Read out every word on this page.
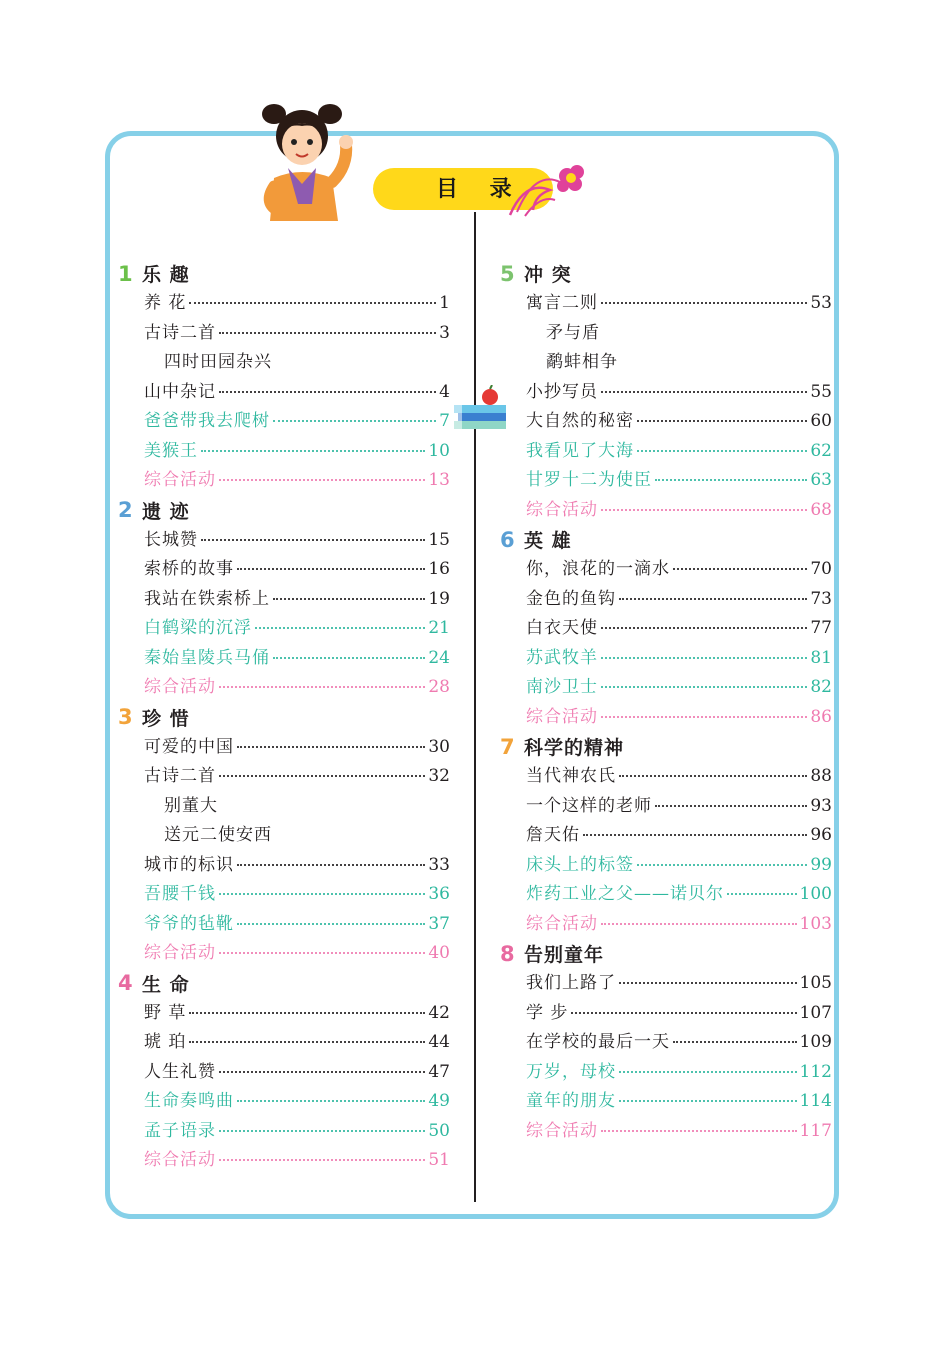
目 录
1 乐 趣
养 花	1
古诗二首	3
四时田园杂兴
山中杂记	4
爸爸带我去爬树	7
美猴王	10
综合活动	13
2 遗 迹
长城赞	15
索桥的故事	16
我站在铁索桥上	19
白鹤梁的沉浮	21
秦始皇陵兵马俑	24
综合活动	28
3 珍 惜
可爱的中国	30
古诗二首	32
别董大
送元二使安西
城市的标识	33
吾腰千钱	36
爷爷的毡靴	37
综合活动	40
4 生 命
野 草	42
琥 珀	44
人生礼赞	47
生命奏鸣曲	49
孟子语录	50
综合活动	51
5 冲 突
寓言二则	53
矛与盾
鹬蚌相争
小抄写员	55
大自然的秘密	60
我看见了大海	62
甘罗十二为使臣	63
综合活动	68
6 英 雄
你，浪花的一滴水	70
金色的鱼钩	73
白衣天使	77
苏武牧羊	81
南沙卫士	82
综合活动	86
7 科学的精神
当代神农氏	88
一个这样的老师	93
詹天佑	96
床头上的标签	99
炸药工业之父——诺贝尔	100
综合活动	103
8 告别童年
我们上路了	105
学 步	107
在学校的最后一天	109
万岁，母校	112
童年的朋友	114
综合活动	117
